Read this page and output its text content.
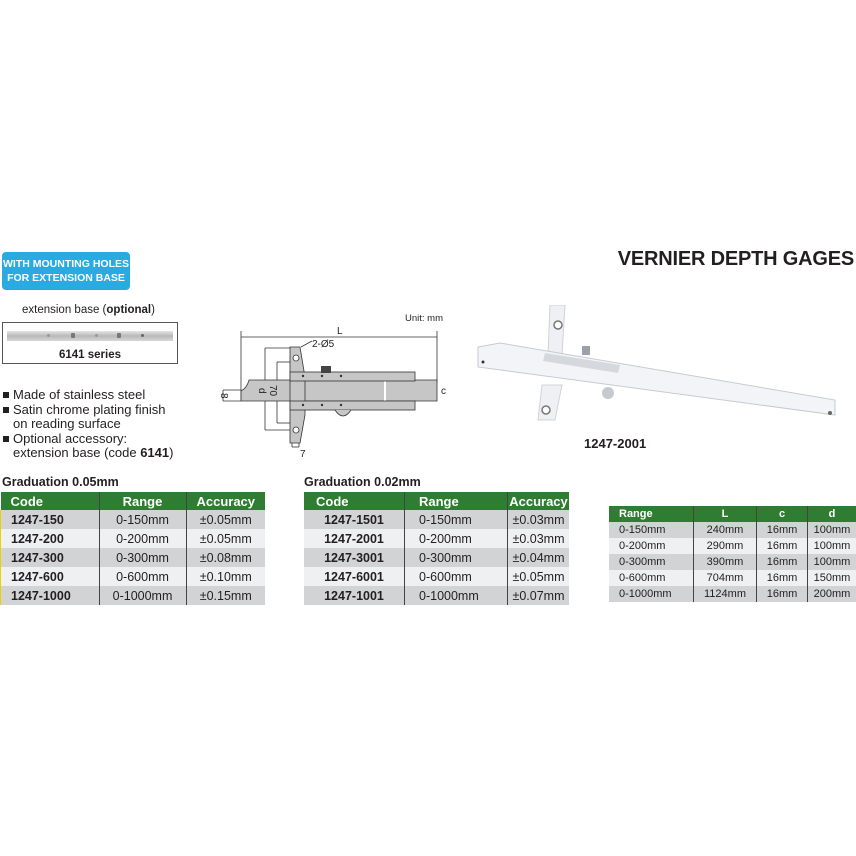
WITH MOUNTING HOLES
FOR EXTENSION BASE
VERNIER DEPTH GAGES
extension base (optional)
6141 series
Made of stainless steel
Satin chrome plating finish
on reading surface
Optional accessory:
extension base (code 6141)
Unit: mm
L
2-Ø5
c
7
8
d 70
1247-2001
Graduation 0.05mm
Code	Range	Accuracy
1247-150	0-150mm	±0.05mm
1247-200	0-200mm	±0.05mm
1247-300	0-300mm	±0.08mm
1247-600	0-600mm	±0.10mm
1247-1000	0-1000mm	±0.15mm
Graduation 0.02mm
Code	Range	Accuracy
1247-1501	0-150mm	±0.03mm
1247-2001	0-200mm	±0.03mm
1247-3001	0-300mm	±0.04mm
1247-6001	0-600mm	±0.05mm
1247-1001	0-1000mm	±0.07mm
Range	L	c	d
0-150mm	240mm	16mm	100mm
0-200mm	290mm	16mm	100mm
0-300mm	390mm	16mm	100mm
0-600mm	704mm	16mm	150mm
0-1000mm	1124mm	16mm	200mm
